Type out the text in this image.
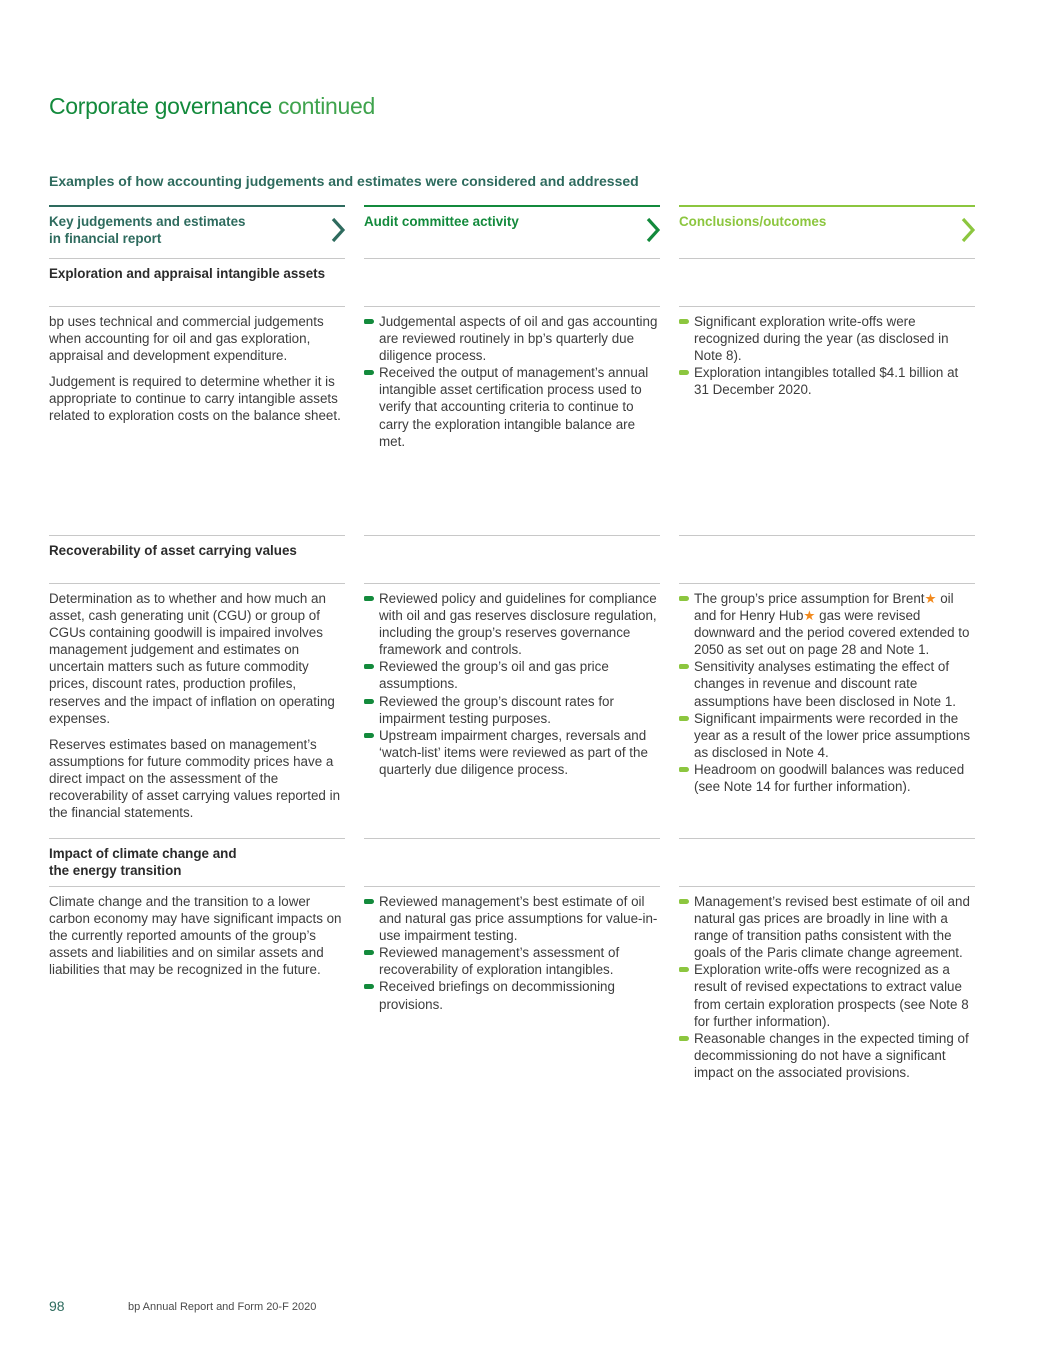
Corporate governance continued
Examples of how accounting judgements and estimates were considered and addressed
Key judgements and estimates
in financial report
Audit committee activity	Conclusions/outcomes
Exploration and appraisal intangible assets

bp uses technical and commercial judgements when accounting for oil and gas exploration, appraisal and development expenditure.

Judgement is required to determine whether it is appropriate to continue to carry intangible assets related to exploration costs on the balance sheet.

Judgemental aspects of oil and gas accounting are reviewed routinely in bp’s quarterly due diligence process.
Received the output of management’s annual intangible asset certification process used to verify that accounting criteria to continue to carry the exploration intangible balance are met.
Significant exploration write-offs were recognized during the year (as disclosed in Note 8).
Exploration intangibles totalled $4.1 billion at 31 December 2020.
Recoverability of asset carrying values

Determination as to whether and how much an asset, cash generating unit (CGU) or group of CGUs containing goodwill is impaired involves management judgement and estimates on uncertain matters such as future commodity prices, discount rates, production profiles, reserves and the impact of inflation on operating expenses.

Reserves estimates based on management’s assumptions for future commodity prices have a direct impact on the assessment of the recoverability of asset carrying values reported in the financial statements.

Reviewed policy and guidelines for compliance with oil and gas reserves disclosure regulation, including the group’s reserves governance framework and controls.
Reviewed the group’s oil and gas price assumptions.
Reviewed the group’s discount rates for impairment testing purposes.
Upstream impairment charges, reversals and ‘watch-list’ items were reviewed as part of the quarterly due diligence process.
The group’s price assumption for Brent★ oil and for Henry Hub★ gas were revised downward and the period covered extended to 2050 as set out on page 28 and Note 1.
Sensitivity analyses estimating the effect of changes in revenue and discount rate assumptions have been disclosed in Note 1.
Significant impairments were recorded in the year as a result of the lower price assumptions as disclosed in Note 4.
Headroom on goodwill balances was reduced (see Note 14 for further information).
Impact of climate change and
the energy transition

Climate change and the transition to a lower carbon economy may have significant impacts on the currently reported amounts of the group’s assets and liabilities and on similar assets and liabilities that may be recognized in the future.

Reviewed management’s best estimate of oil and natural gas price assumptions for value-in-use impairment testing.
Reviewed management’s assessment of recoverability of exploration intangibles.
Received briefings on decommissioning provisions.
Management’s revised best estimate of oil and natural gas prices are broadly in line with a range of transition paths consistent with the goals of the Paris climate change agreement.
Exploration write-offs were recognized as a result of revised expectations to extract value from certain exploration prospects (see Note 8 for further information).
Reasonable changes in the expected timing of decommissioning do not have a significant impact on the associated provisions.
98	bp Annual Report and Form 20-F 2020
